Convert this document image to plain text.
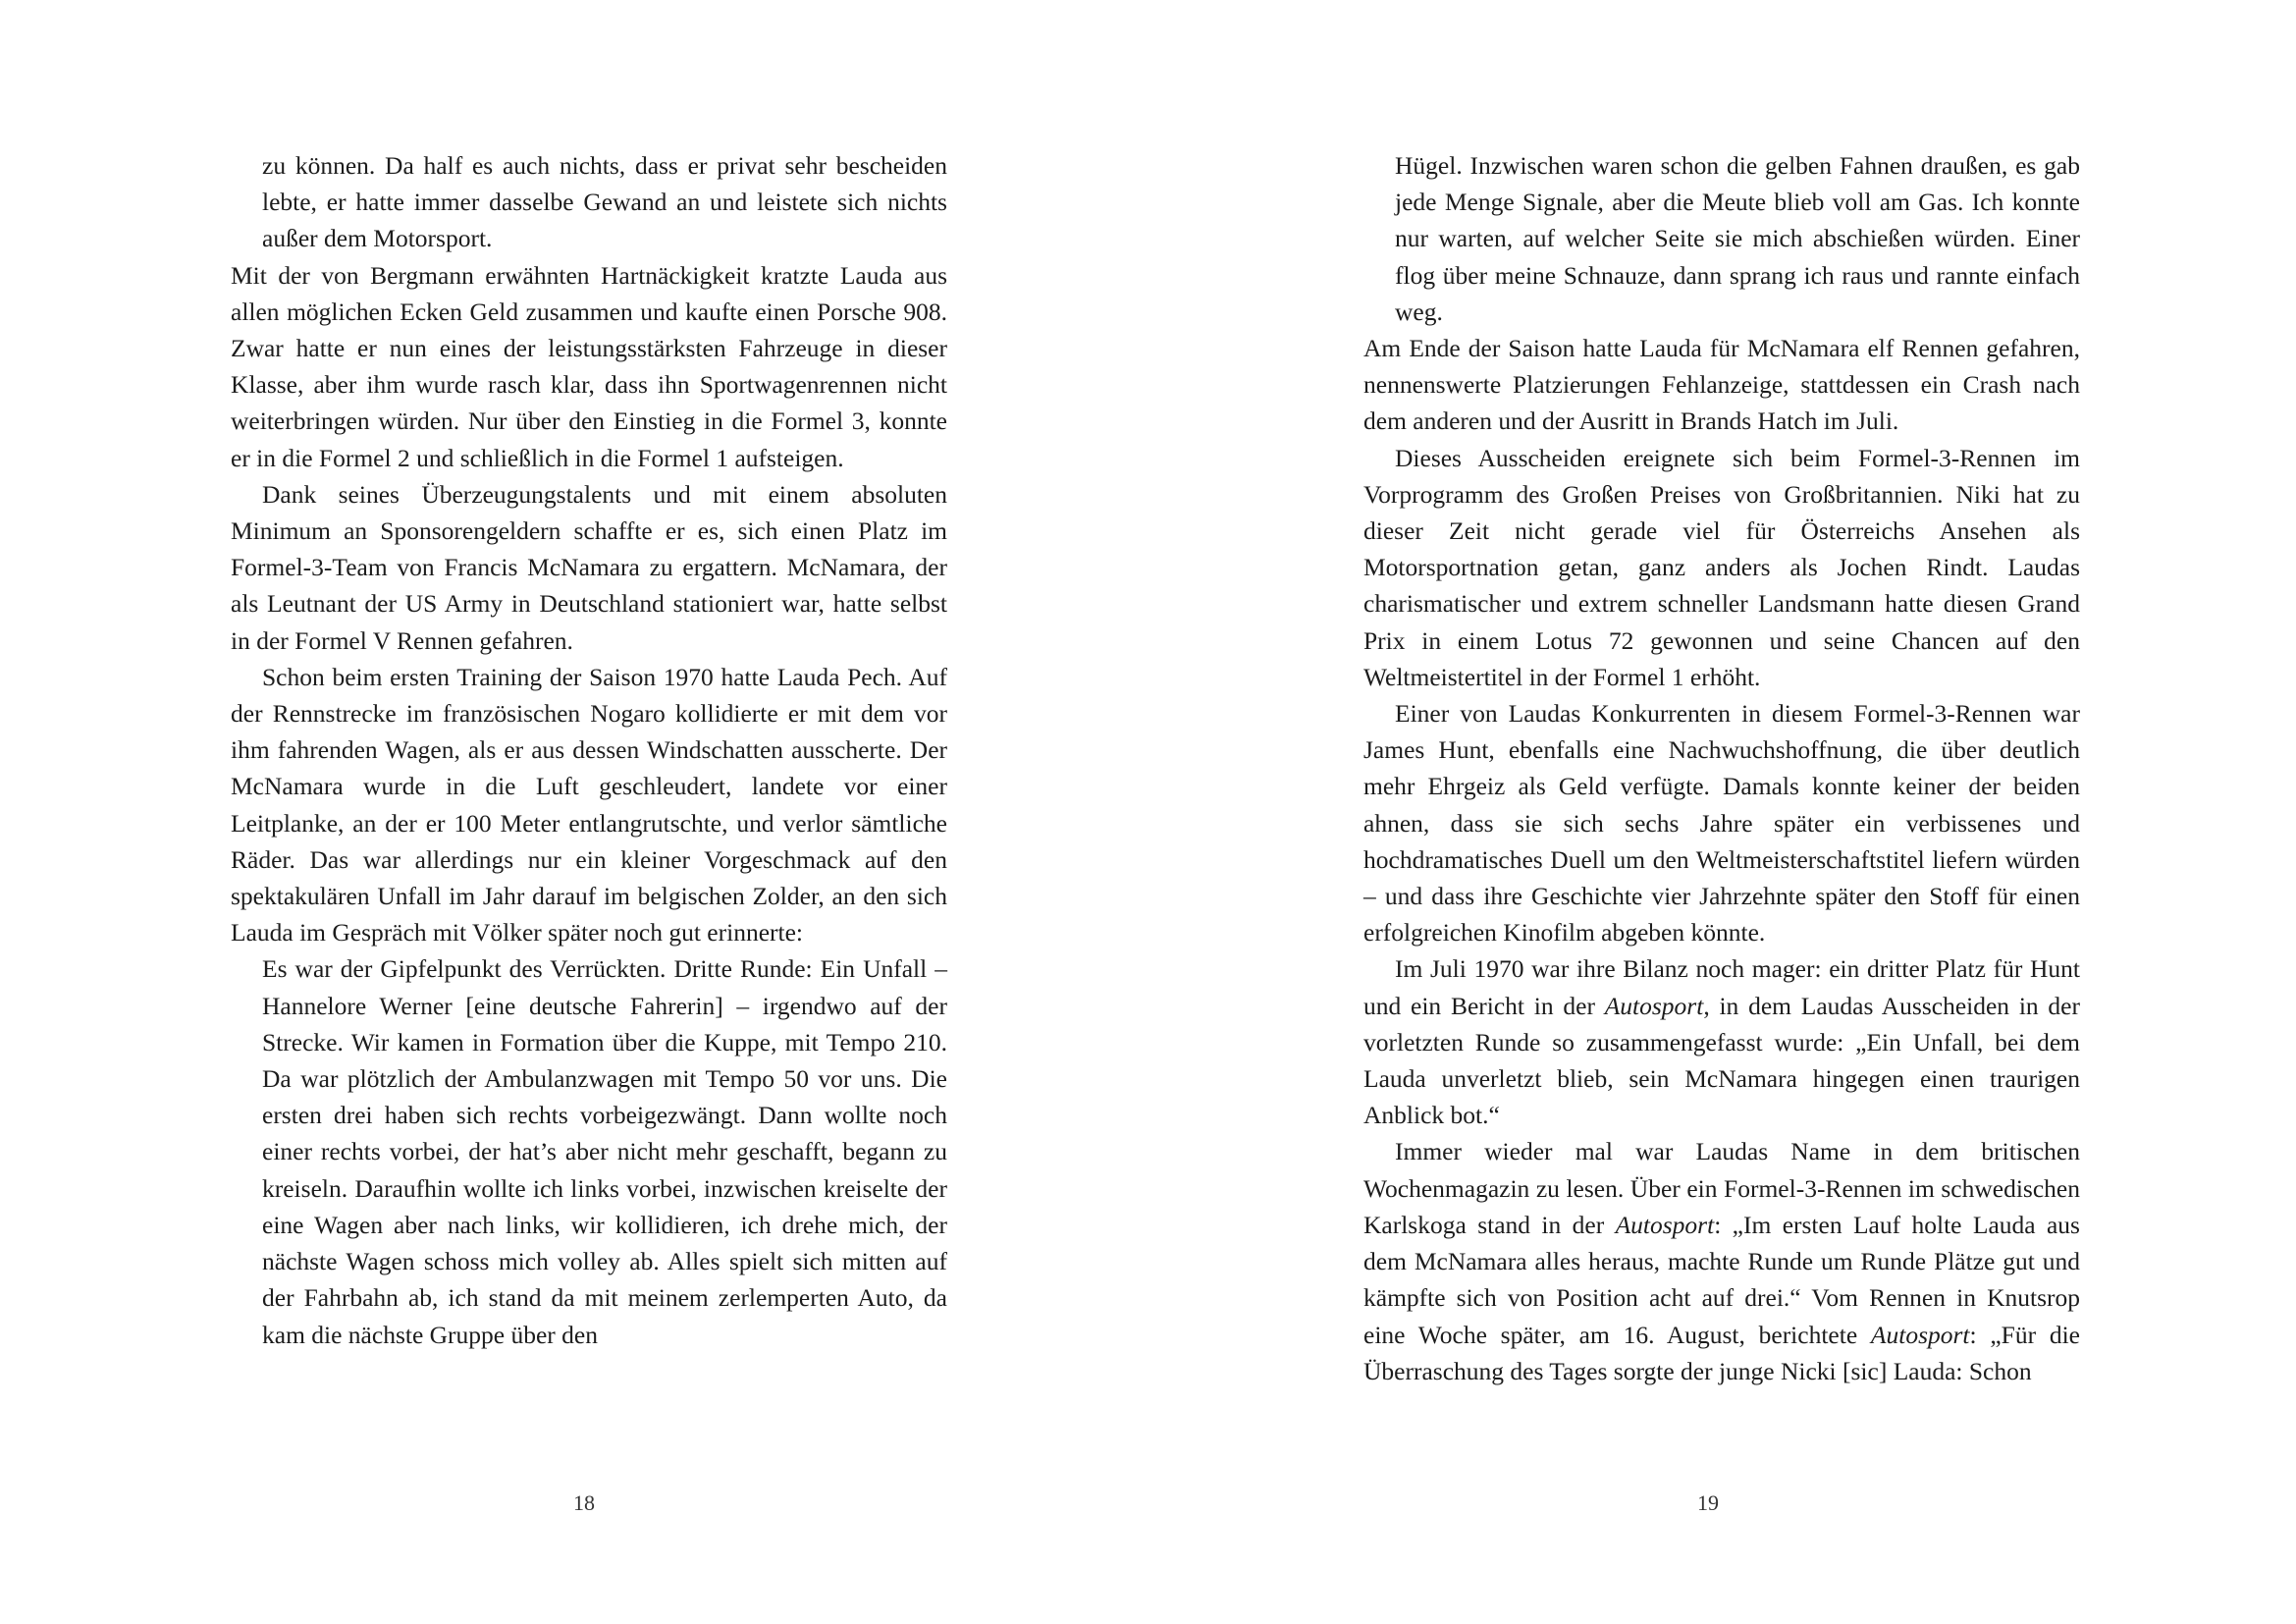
zu können. Da half es auch nichts, dass er privat sehr bescheiden lebte, er hatte immer dasselbe Gewand an und leistete sich nichts außer dem Motorsport.

Mit der von Bergmann erwähnten Hartnäckigkeit kratzte Lauda aus allen möglichen Ecken Geld zusammen und kaufte einen Porsche 908. Zwar hatte er nun eines der leistungsstärksten Fahrzeuge in dieser Klasse, aber ihm wurde rasch klar, dass ihn Sportwagenrennen nicht weiterbringen würden. Nur über den Einstieg in die Formel 3, konnte er in die Formel 2 und schließlich in die Formel 1 aufsteigen.

Dank seines Überzeugungstalents und mit einem absoluten Minimum an Sponsorengeldern schaffte er es, sich einen Platz im Formel-3-Team von Francis McNamara zu ergattern. McNamara, der als Leutnant der US Army in Deutschland stationiert war, hatte selbst in der Formel V Rennen gefahren.

Schon beim ersten Training der Saison 1970 hatte Lauda Pech. Auf der Rennstrecke im französischen Nogaro kollidierte er mit dem vor ihm fahrenden Wagen, als er aus dessen Windschatten ausscherte. Der McNamara wurde in die Luft geschleudert, landete vor einer Leitplanke, an der er 100 Meter entlangrutschte, und verlor sämtliche Räder. Das war allerdings nur ein kleiner Vorgeschmack auf den spektakulären Unfall im Jahr darauf im belgischen Zolder, an den sich Lauda im Gespräch mit Völker später noch gut erinnerte:

Es war der Gipfelpunkt des Verrückten. Dritte Runde: Ein Unfall – Hannelore Werner [eine deutsche Fahrerin] – irgendwo auf der Strecke. Wir kamen in Formation über die Kuppe, mit Tempo 210. Da war plötzlich der Ambulanzwagen mit Tempo 50 vor uns. Die ersten drei haben sich rechts vorbeigezwängt. Dann wollte noch einer rechts vorbei, der hat’s aber nicht mehr geschafft, begann zu kreiseln. Daraufhin wollte ich links vorbei, inzwischen kreiselte der eine Wagen aber nach links, wir kollidieren, ich drehe mich, der nächste Wagen schoss mich volley ab. Alles spielt sich mitten auf der Fahrbahn ab, ich stand da mit meinem zerlemperten Auto, da kam die nächste Gruppe über den

18

Hügel. Inzwischen waren schon die gelben Fahnen draußen, es gab jede Menge Signale, aber die Meute blieb voll am Gas. Ich konnte nur warten, auf welcher Seite sie mich abschießen würden. Einer flog über meine Schnauze, dann sprang ich raus und rannte einfach weg.

Am Ende der Saison hatte Lauda für McNamara elf Rennen gefahren, nennenswerte Platzierungen Fehlanzeige, stattdessen ein Crash nach dem anderen und der Ausritt in Brands Hatch im Juli.

Dieses Ausscheiden ereignete sich beim Formel-3-Rennen im Vorprogramm des Großen Preises von Großbritannien. Niki hat zu dieser Zeit nicht gerade viel für Österreichs Ansehen als Motorsportnation getan, ganz anders als Jochen Rindt. Laudas charismatischer und extrem schneller Landsmann hatte diesen Grand Prix in einem Lotus 72 gewonnen und seine Chancen auf den Weltmeistertitel in der Formel 1 erhöht.

Einer von Laudas Konkurrenten in diesem Formel-3-Rennen war James Hunt, ebenfalls eine Nachwuchshoffnung, die über deutlich mehr Ehrgeiz als Geld verfügte. Damals konnte keiner der beiden ahnen, dass sie sich sechs Jahre später ein verbissenes und hochdramatisches Duell um den Weltmeisterschaftstitel liefern würden – und dass ihre Geschichte vier Jahrzehnte später den Stoff für einen erfolgreichen Kinofilm abgeben könnte.

Im Juli 1970 war ihre Bilanz noch mager: ein dritter Platz für Hunt und ein Bericht in der Autosport, in dem Laudas Ausscheiden in der vorletzten Runde so zusammengefasst wurde: „Ein Unfall, bei dem Lauda unverletzt blieb, sein McNamara hingegen einen traurigen Anblick bot.“

Immer wieder mal war Laudas Name in dem britischen Wochenmagazin zu lesen. Über ein Formel-3-Rennen im schwedischen Karlskoga stand in der Autosport: „Im ersten Lauf holte Lauda aus dem McNamara alles heraus, machte Runde um Runde Plätze gut und kämpfte sich von Position acht auf drei.“ Vom Rennen in Knutsrop eine Woche später, am 16. August, berichtete Autosport: „Für die Überraschung des Tages sorgte der junge Nicki [sic] Lauda: Schon

19
